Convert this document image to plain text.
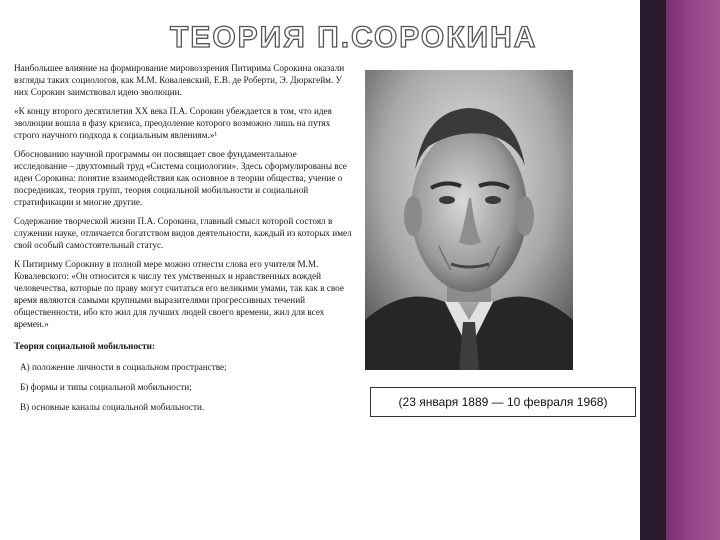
ТЕОРИЯ П.СОРОКИНА

Наибольшее влияние на формирование мировоззрения Питирима Сорокина оказали взгляды таких социологов, как М.М. Ковалевский, Е.В. де Роберти, Э. Дюркгейм. У них Сорокин заимствовал идею эволюции.

«К концу второго десятилетия XX века П.А. Сорокин убеждается в том, что идея эволюции вошла в фазу кризиса, преодоление которого возможно лишь на путях строго научного подхода к социальным явлениям.»¹

Обоснованию научной программы он посвящает свое фундаментальное исследование – двухтомный труд «Система социологии». Здесь сформулированы все идеи Сорокина: понятие взаимодействия как основное в теории общества, учение о посредниках, теория групп, теория социальной мобильности и социальной стратификации и многие другие.

Содержание творческой жизни П.А. Сорокина, главный смысл которой состоял в служении науке, отличается богатством видов деятельности, каждый из которых имел свой особый самостоятельный статус.

К Питириму Сорокину в полной мере можно отнести слова его учителя М.М. Ковалевского: «Он относится к числу тех умственных и нравственных вождей человечества, которые по праву могут считаться его великими умами, так как в свое время являются самыми крупными выразителями прогрессивных течений общественности, ибо кто жил для лучших людей своего времени, жил для всех времен.»

Теория социальной мобильности:
А) положение личности в социальном пространстве;
Б) формы и типы социальной мобильности;
В) основные каналы социальной мобильности.	(23 января 1889 — 10 февраля 1968)
